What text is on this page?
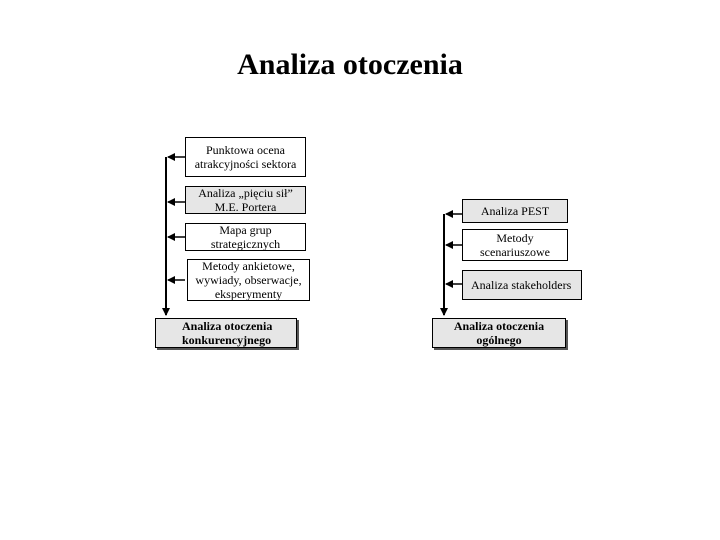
Analiza otoczenia
Punktowa ocena atrakcyjności sektora
Analiza „pięciu sił” M.E. Portera
Mapa grup strategicznych
Metody ankietowe, wywiady, obserwacje, eksperymenty
Analiza otoczenia konkurencyjnego
Analiza PEST
Metody scenariuszowe
Analiza stakeholders
Analiza otoczenia ogólnego
